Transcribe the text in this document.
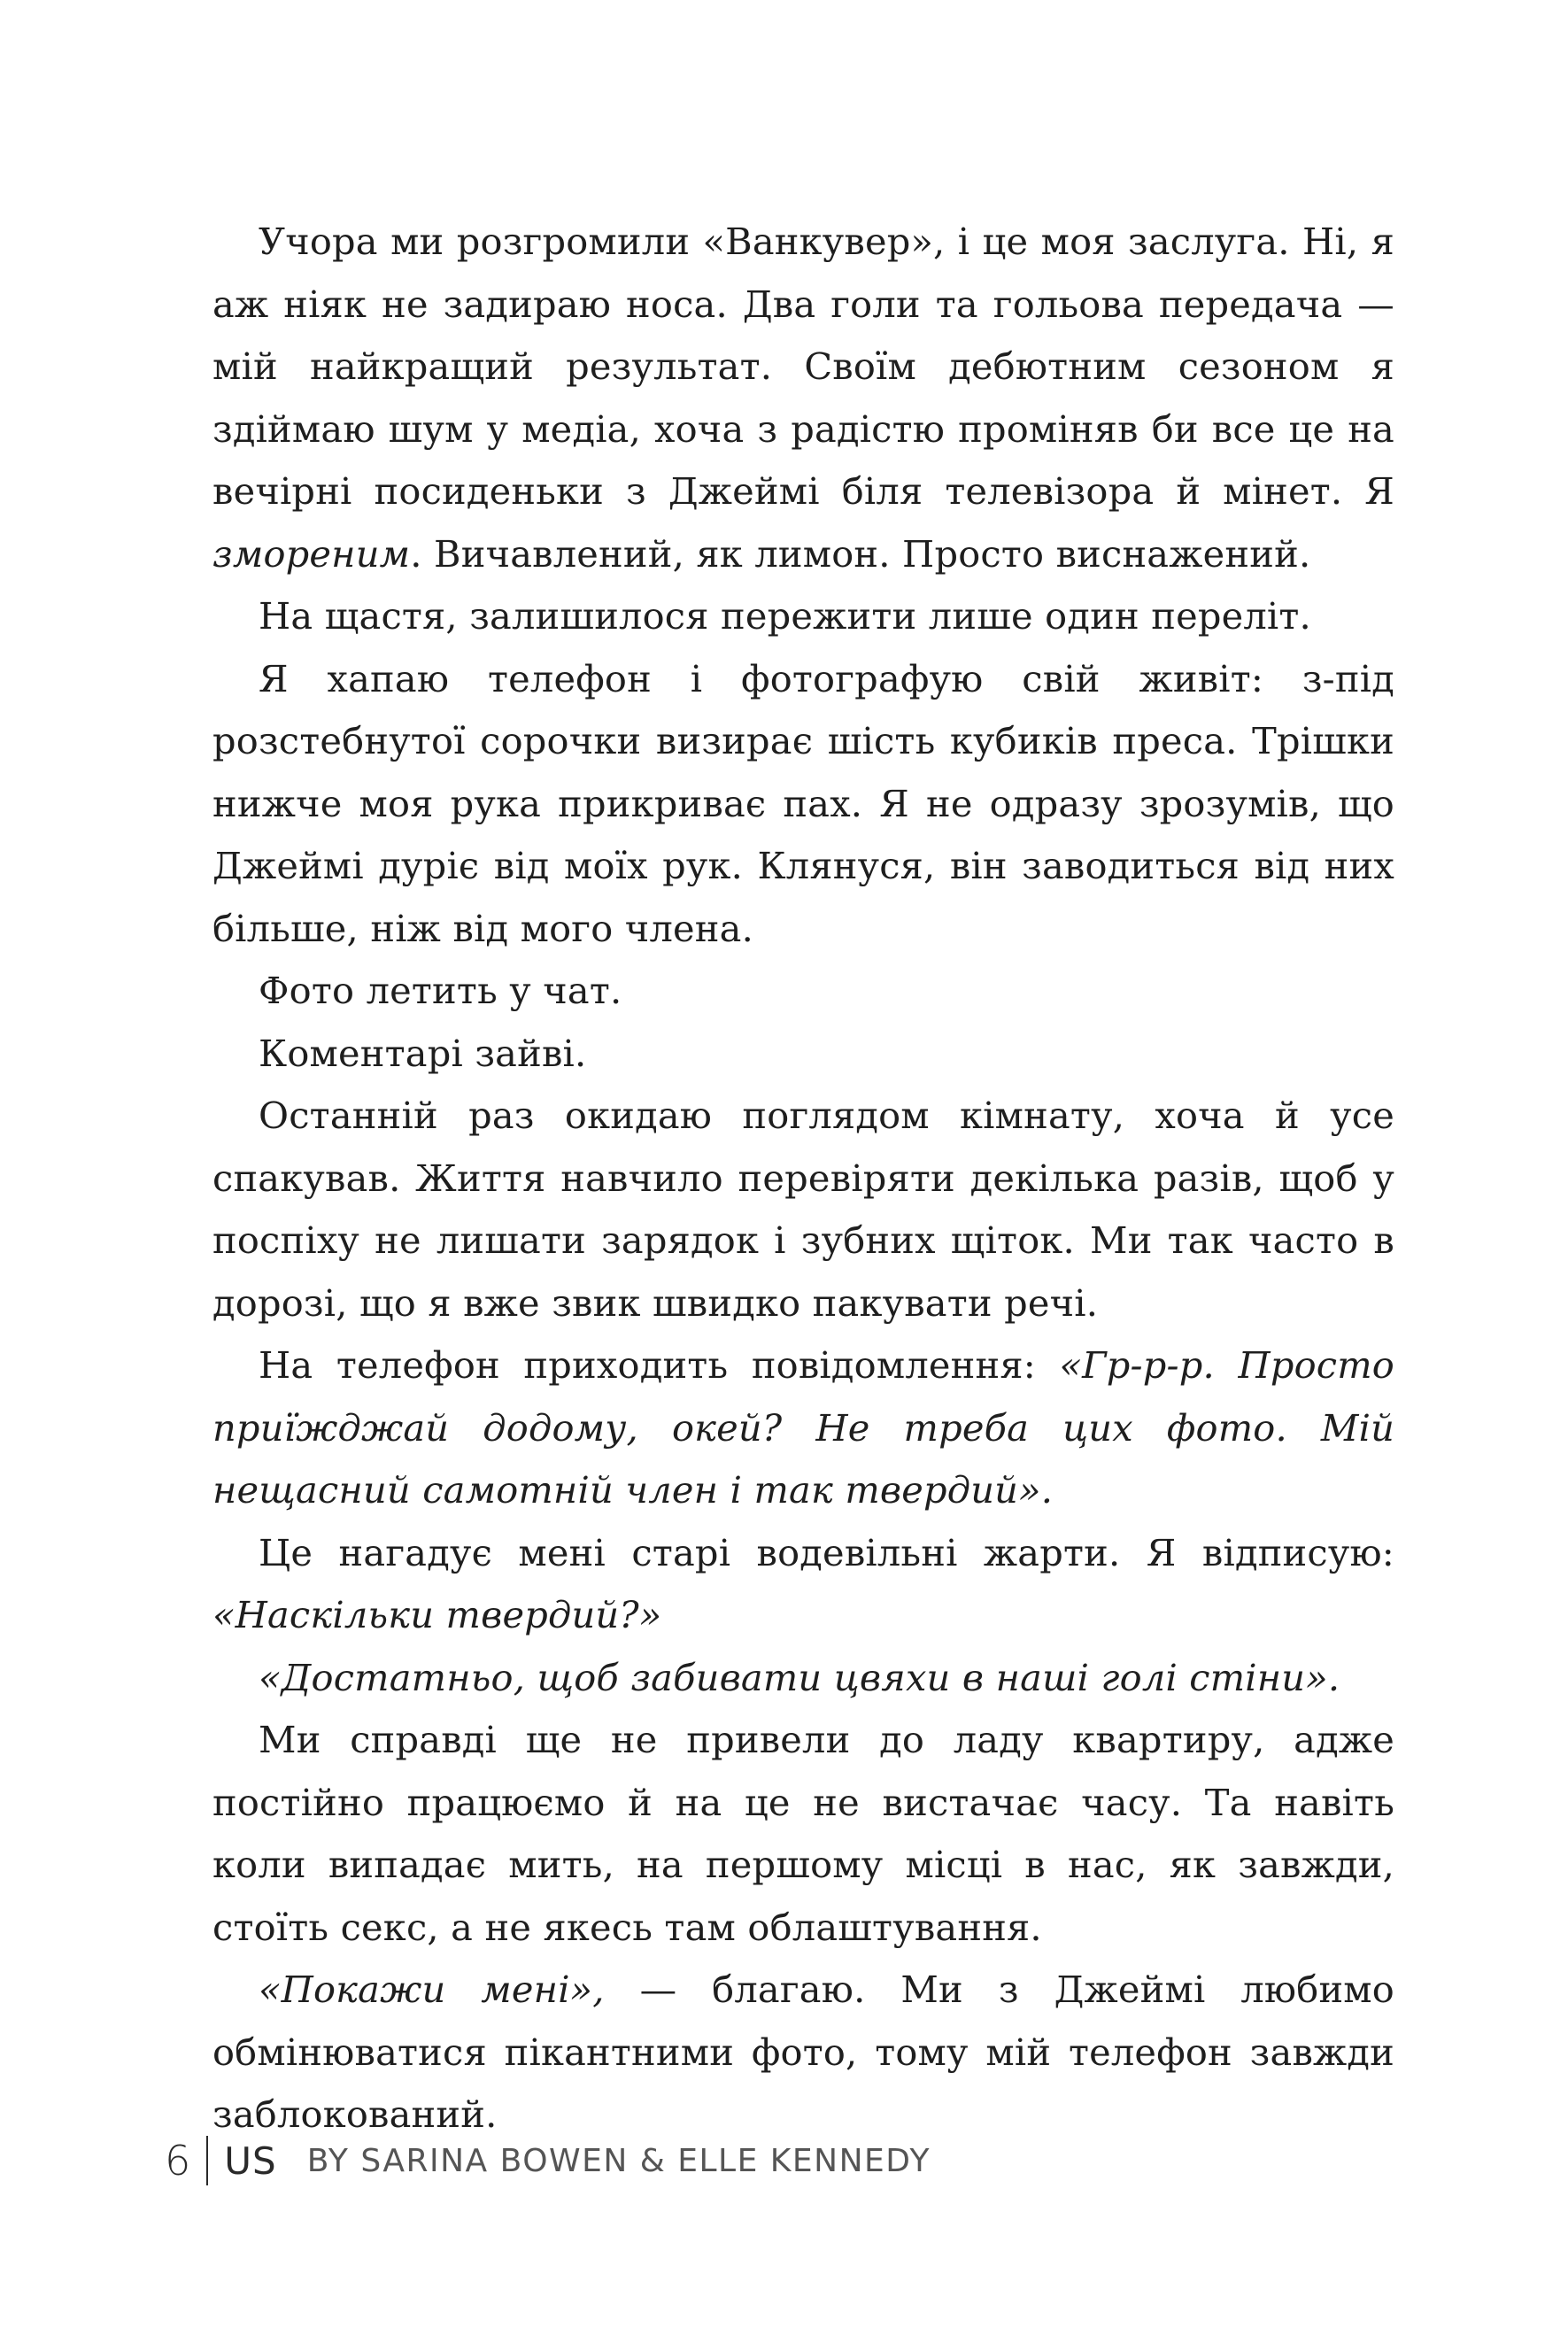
Учора ми розгромили «Ванкувер», і це моя заслуга. Ні, я аж ніяк не задираю носа. Два голи та гольова передача — мій найкращий результат. Своїм дебютним сезоном я здіймаю шум у медіа, хоча з радістю проміняв би все це на вечірні посиденьки з Джеймі біля телевізора й мінет. Я змореним. Вичавлений, як лимон. Просто виснажений.

На щастя, залишилося пережити лише один переліт.

Я хапаю телефон і фотографую свій живіт: з-під розстебнутої сорочки визирає шість кубиків преса. Трішки нижче моя рука прикриває пах. Я не одразу зрозумів, що Джеймі дуріє від моїх рук. Клянуся, він заводиться від них більше, ніж від мого члена.

Фото летить у чат.

Коментарі зайві.

Останній раз окидаю поглядом кімнату, хоча й усе спакував. Життя навчило перевіряти декілька разів, щоб у поспіху не лишати зарядок і зубних щіток. Ми так часто в дорозі, що я вже звик швидко пакувати речі.

На телефон приходить повідомлення: «Гр-р-р. Просто приїжджай додому, окей? Не треба цих фото. Мій нещасний самотній член і так твердий».

Це нагадує мені старі водевільні жарти. Я відписую: «Наскільки твердий?»

«Достатньо, щоб забивати цвяхи в наші голі стіни».

Ми справді ще не привели до ладу квартиру, адже постійно працюємо й на це не вистачає часу. Та навіть коли випадає мить, на першому місці в нас, як завжди, стоїть секс, а не якесь там облаштування.

«Покажи мені», — благаю. Ми з Джеймі любимо обмінюватися пікантними фото, тому мій телефон завжди заблокований.

6 US BY SARINA BOWEN & ELLE KENNEDY
